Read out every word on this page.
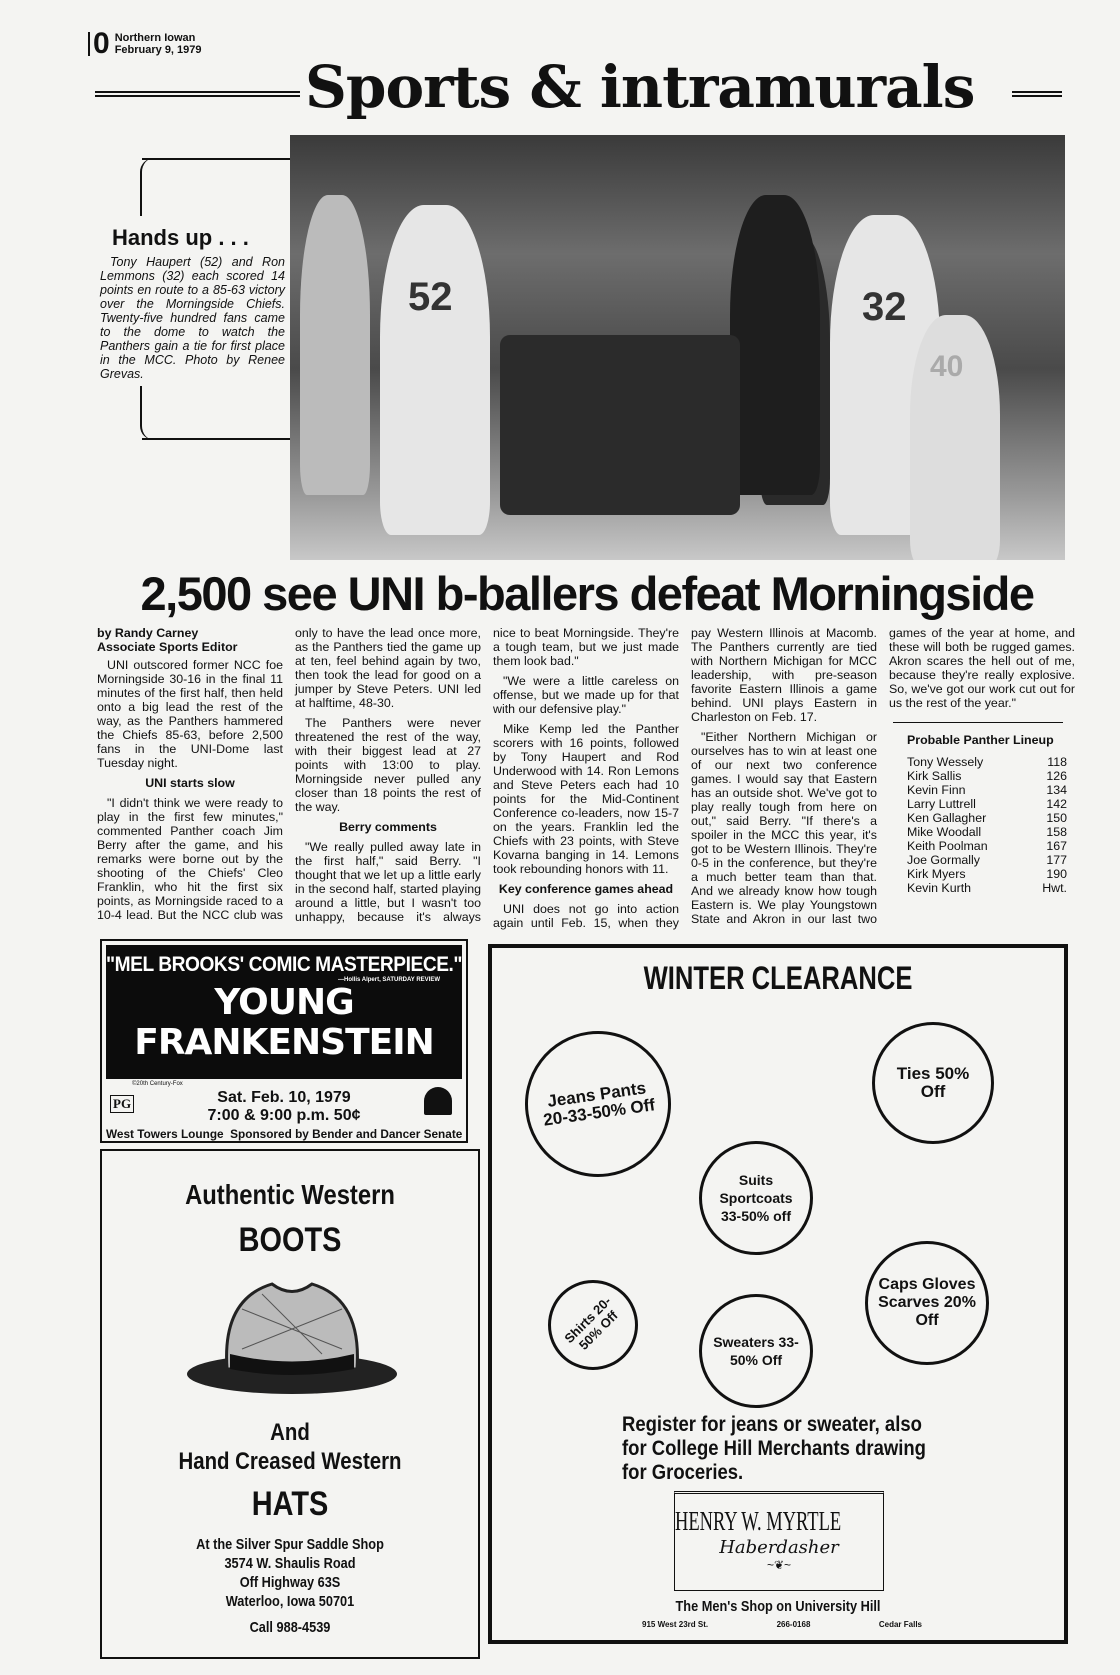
0 Northern Iowan
February 9, 1979
Sports & intramurals
Hands up . . .

Tony Haupert (52) and Ron Lemmons (32) each scored 14 points en route to a 85-63 victory over the Morningside Chiefs. Twenty-five hundred fans came to the dome to watch the Panthers gain a tie for first place in the MCC. Photo by Renee Grevas.

52	32
40
2,500 see UNI b-ballers defeat Morningside
by Randy Carney
Associate Sports Editor

UNI outscored former NCC foe Morningside 30-16 in the final 11 minutes of the first half, then held onto a big lead the rest of the way, as the Panthers hammered the Chiefs 85-63, before 2,500 fans in the UNI-Dome last Tuesday night.

UNI starts slow

"I didn't think we were ready to play in the first few minutes," commented Panther coach Jim Berry after the game, and his remarks were borne out by the shooting of the Chiefs' Cleo Franklin, who hit the first six points, as Morningside raced to a 10-4 lead. But the NCC club was only to have the lead once more, as the Panthers tied the game up at ten, feel behind again by two, then took the lead for good on a jumper by Steve Peters. UNI led at halftime, 48-30.

The Panthers were never threatened the rest of the way, with their biggest lead at 27 points with 13:00 to play. Morningside never pulled any closer than 18 points the rest of the way.

Berry comments

"We really pulled away late in the first half," said Berry. "I thought that we let up a little early in the second half, started playing around a little, but I wasn't too unhappy, because it's always nice to beat Morningside. They're a tough team, but we just made them look bad."

"We were a little careless on offense, but we made up for that with our defensive play."

Mike Kemp led the Panther scorers with 16 points, followed by Tony Haupert and Rod Underwood with 14. Ron Lemons and Steve Peters each had 10 points for the Mid-Continent Conference co-leaders, now 15-7 on the years. Franklin led the Chiefs with 23 points, with Steve Kovarna banging in 14. Lemons took rebounding honors with 11.

Key conference games ahead

UNI does not go into action again until Feb. 15, when they pay Western Illinois at Macomb. The Panthers currently are tied with Northern Michigan for MCC leadership, with pre-season favorite Eastern Illinois a game behind. UNI plays Eastern in Charleston on Feb. 17.

"Either Northern Michigan or ourselves has to win at least one of our next two conference games. I would say that Eastern has an outside shot. We've got to play really tough from here on out," said Berry. "If there's a spoiler in the MCC this year, it's got to be Western Illinois. They're 0-5 in the conference, but they're a much better team than that. And we already know how tough Eastern is. We play Youngstown State and Akron in our last two games of the year at home, and these will both be rugged games. Akron scares the hell out of me, because they're really explosive. So, we've got our work cut out for us the rest of the year."

Probable Panther Lineup
Tony Wessely	118
Kirk Sallis	126
Kevin Finn	134
Larry Luttrell	142
Ken Gallagher	150
Mike Woodall	158
Keith Poolman	167
Joe Gormally	177
Kirk Myers	190
Kevin Kurth	Hwt.
"MEL BROOKS' COMIC MASTERPIECE."
—Hollis Alpert, SATURDAY REVIEW
YOUNG
FRANKENSTEIN
©20th Century-Fox
PG	Sat. Feb. 10, 1979
7:00 & 9:00 p.m. 50¢
West Towers Lounge Sponsored by Bender and Dancer Senate
Authentic Western
BOOTS
And
Hand Creased Western
HATS
At the Silver Spur Saddle Shop
3574 W. Shaulis Road
Off Highway 63S
Waterloo, Iowa 50701
Call 988-4539
WINTER CLEARANCE
Jeans Pants 20-33-50% Off
Ties 50% Off
Suits Sportcoats 33-50% off
Caps Gloves Scarves 20% Off
Shirts 20-50% Off	Sweaters 33-50% Off
Register for jeans or sweater, also
for College Hill Merchants drawing
for Groceries.
HENRY W. MYRTLE
Haberdasher
~❦~
The Men's Shop on University Hill
915 West 23rd St.	266-0168	Cedar Falls
